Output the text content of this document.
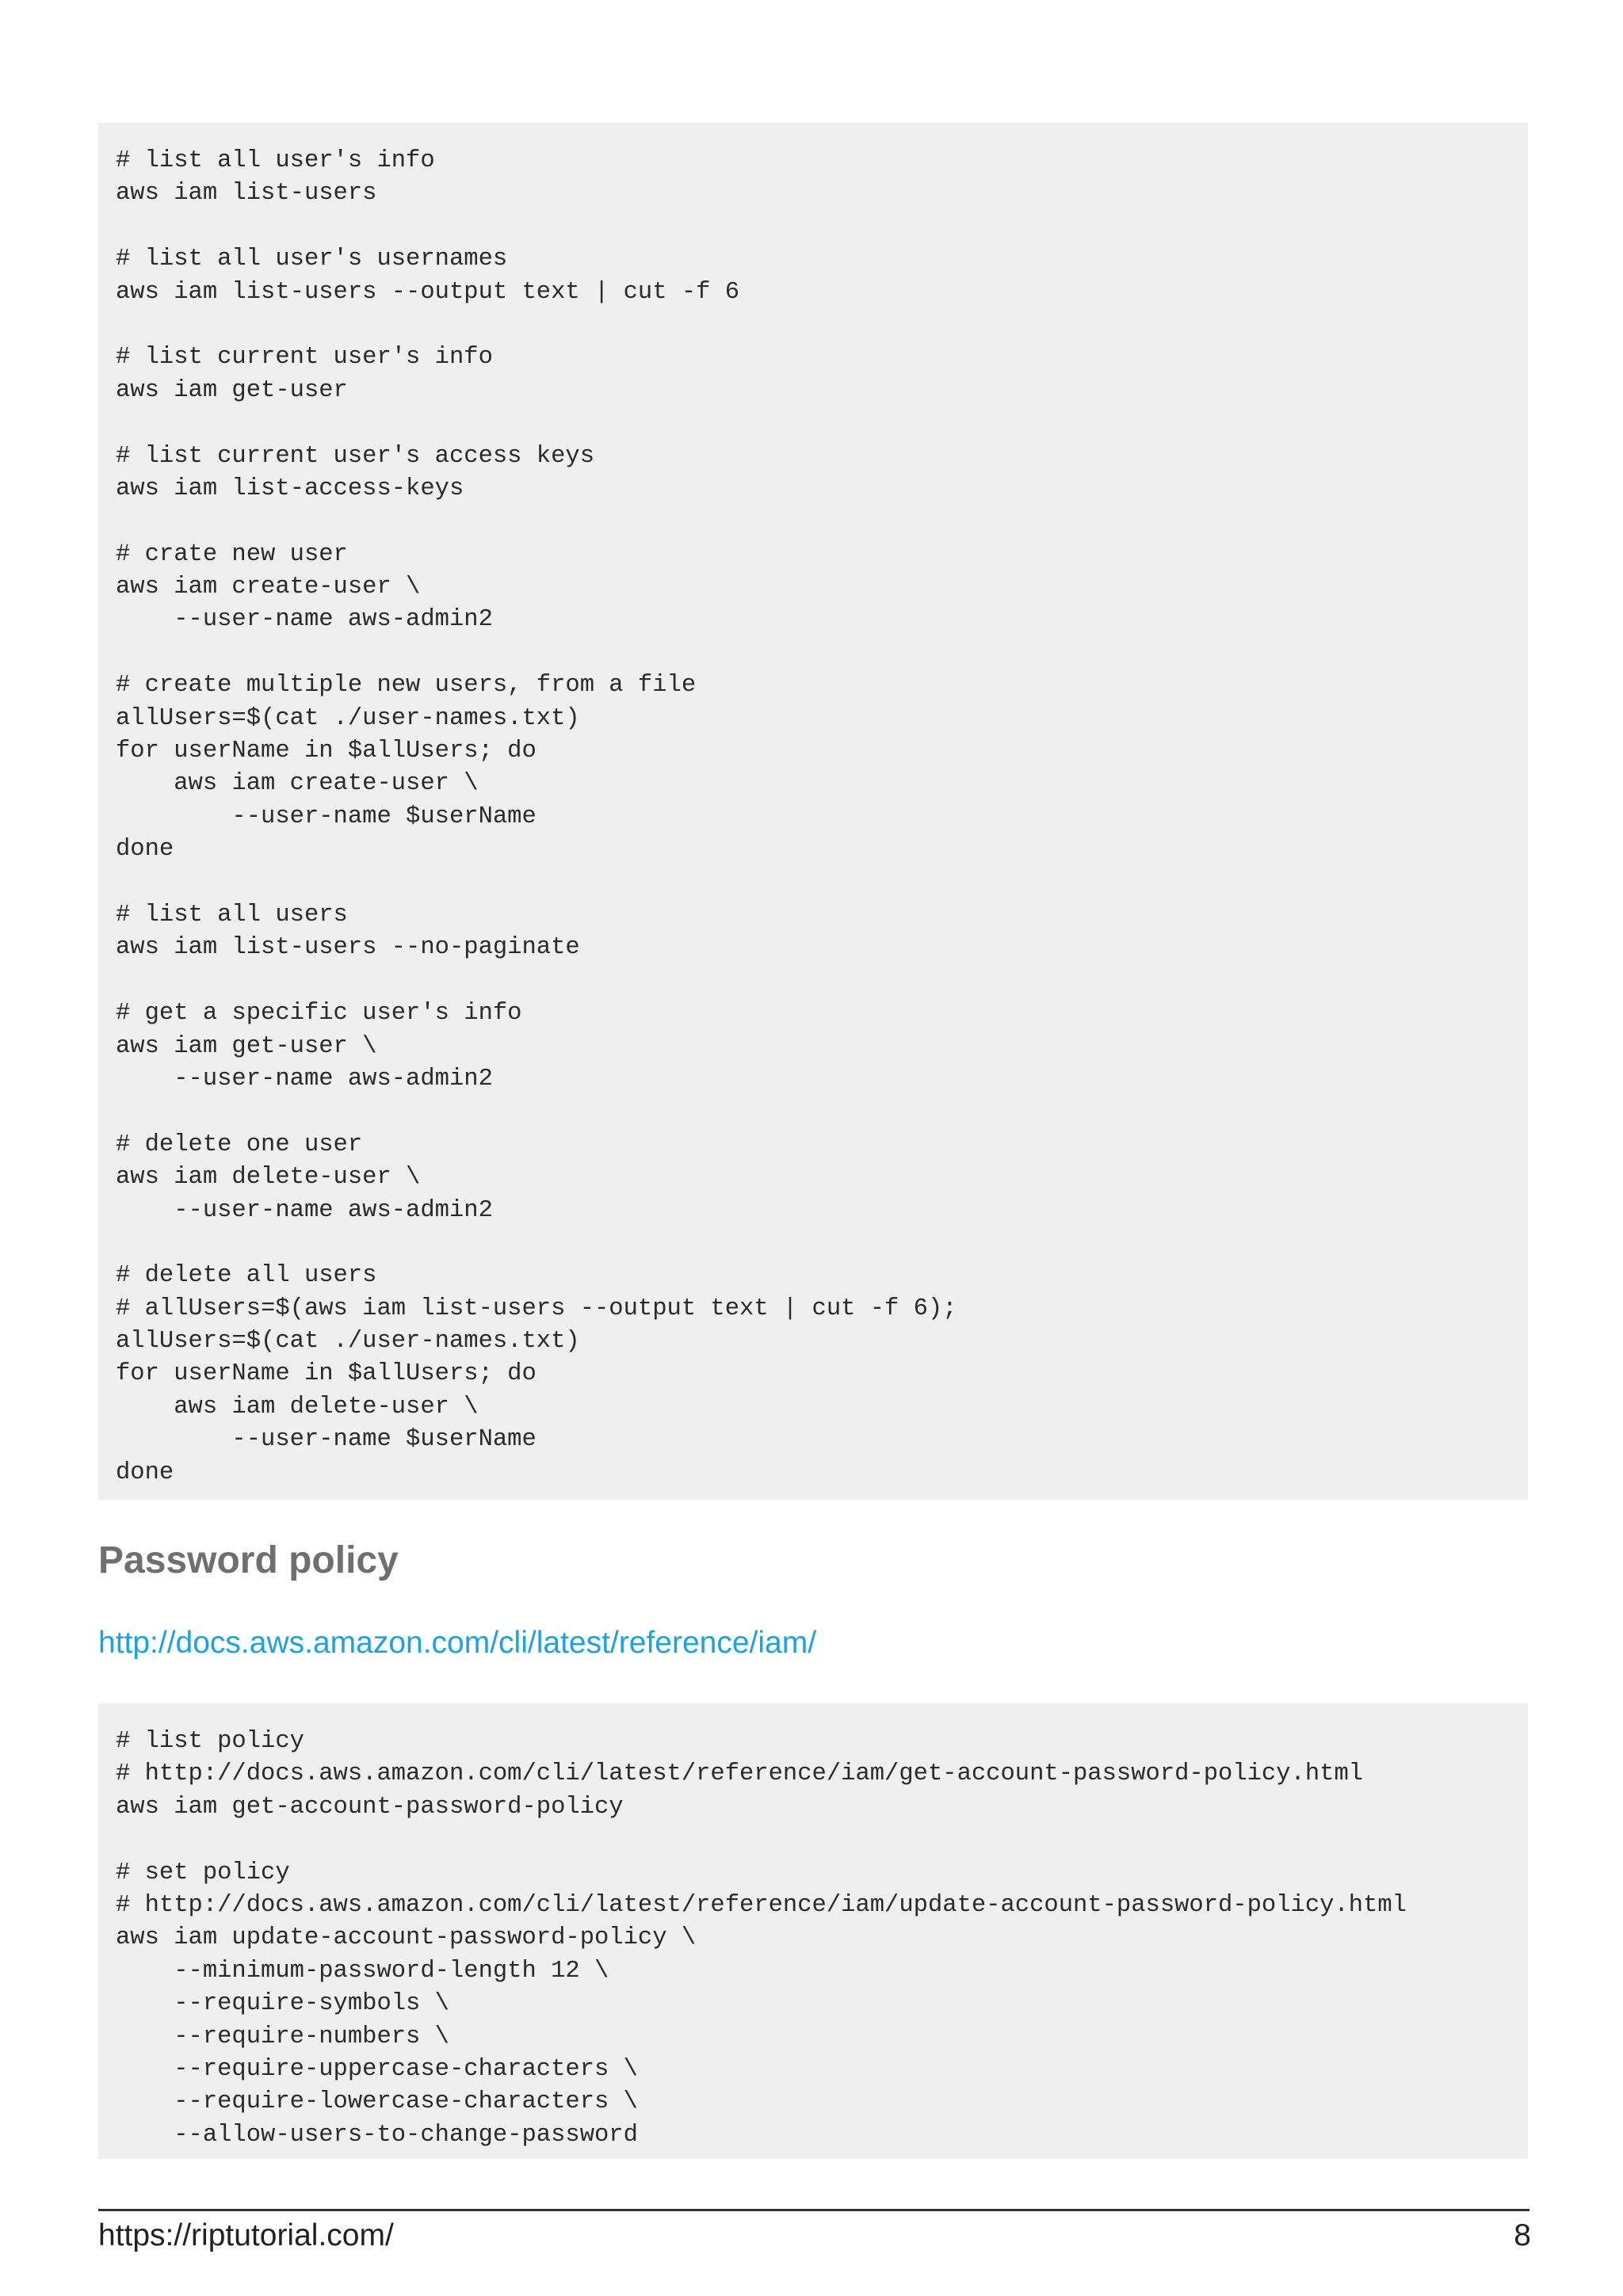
# list all user's info
aws iam list-users
# list all user's usernames
aws iam list-users --output text | cut -f 6
# list current user's info
aws iam get-user
# list current user's access keys
aws iam list-access-keys
# crate new user
aws iam create-user \
--user-name aws-admin2
# create multiple new users, from a file
allUsers=$(cat ./user-names.txt)
for userName in $allUsers; do
aws iam create-user \
--user-name $userName
done
# list all users
aws iam list-users --no-paginate
# get a specific user's info
aws iam get-user \
--user-name aws-admin2
# delete one user
aws iam delete-user \
--user-name aws-admin2
# delete all users
# allUsers=$(aws iam list-users --output text | cut -f 6);
allUsers=$(cat ./user-names.txt)
for userName in $allUsers; do
aws iam delete-user \
--user-name $userName
done
Password policy
http://docs.aws.amazon.com/cli/latest/reference/iam/
# list policy
# http://docs.aws.amazon.com/cli/latest/reference/iam/get-account-password-policy.html
aws iam get-account-password-policy
# set policy
# http://docs.aws.amazon.com/cli/latest/reference/iam/update-account-password-policy.html
aws iam update-account-password-policy \
--minimum-password-length 12 \
--require-symbols \
--require-numbers \
--require-uppercase-characters \
--require-lowercase-characters \
--allow-users-to-change-password
https://riptutorial.com/	8
